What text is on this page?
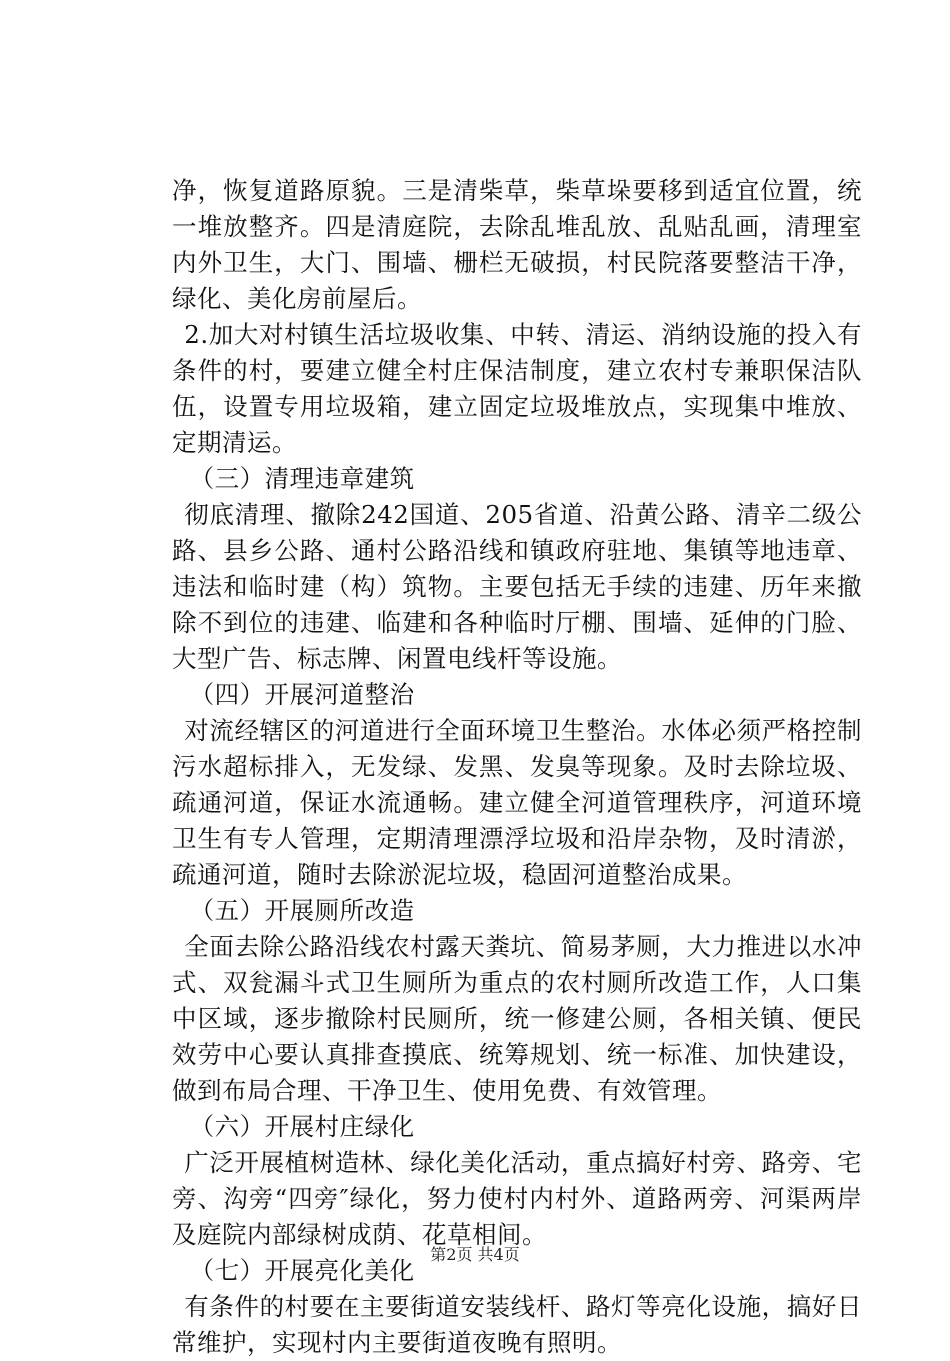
净，恢复道路原貌。三是清柴草，柴草垛要移到适宜位置，统一堆放整齐。四是清庭院，去除乱堆乱放、乱贴乱画，清理室内外卫生，大门、围墙、栅栏无破损，村民院落要整洁干净，绿化、美化房前屋后。

2.加大对村镇生活垃圾收集、中转、清运、消纳设施的投入有条件的村，要建立健全村庄保洁制度，建立农村专兼职保洁队伍，设置专用垃圾箱，建立固定垃圾堆放点，实现集中堆放、定期清运。

（三）清理违章建筑

彻底清理、撤除242国道、205省道、沿黄公路、清辛二级公路、县乡公路、通村公路沿线和镇政府驻地、集镇等地违章、违法和临时建（构）筑物。主要包括无手续的违建、历年来撤除不到位的违建、临建和各种临时厅棚、围墙、延伸的门脸、大型广告、标志牌、闲置电线杆等设施。

（四）开展河道整治

对流经辖区的河道进行全面环境卫生整治。水体必须严格控制污水超标排入，无发绿、发黑、发臭等现象。及时去除垃圾、疏通河道，保证水流通畅。建立健全河道管理秩序，河道环境卫生有专人管理，定期清理漂浮垃圾和沿岸杂物，及时清淤，疏通河道，随时去除淤泥垃圾，稳固河道整治成果。

（五）开展厕所改造

全面去除公路沿线农村露天粪坑、简易茅厕，大力推进以水冲式、双瓮漏斗式卫生厕所为重点的农村厕所改造工作，人口集中区域，逐步撤除村民厕所，统一修建公厕，各相关镇、便民效劳中心要认真排查摸底、统筹规划、统一标准、加快建设，做到布局合理、干净卫生、使用免费、有效管理。

（六）开展村庄绿化

广泛开展植树造林、绿化美化活动，重点搞好村旁、路旁、宅旁、沟旁“四旁″绿化，努力使村内村外、道路两旁、河渠两岸及庭院内部绿树成荫、花草相间。

（七）开展亮化美化

有条件的村要在主要街道安装线杆、路灯等亮化设施，搞好日常维护，实现村内主要街道夜晚有照明。

第2页 共4页
